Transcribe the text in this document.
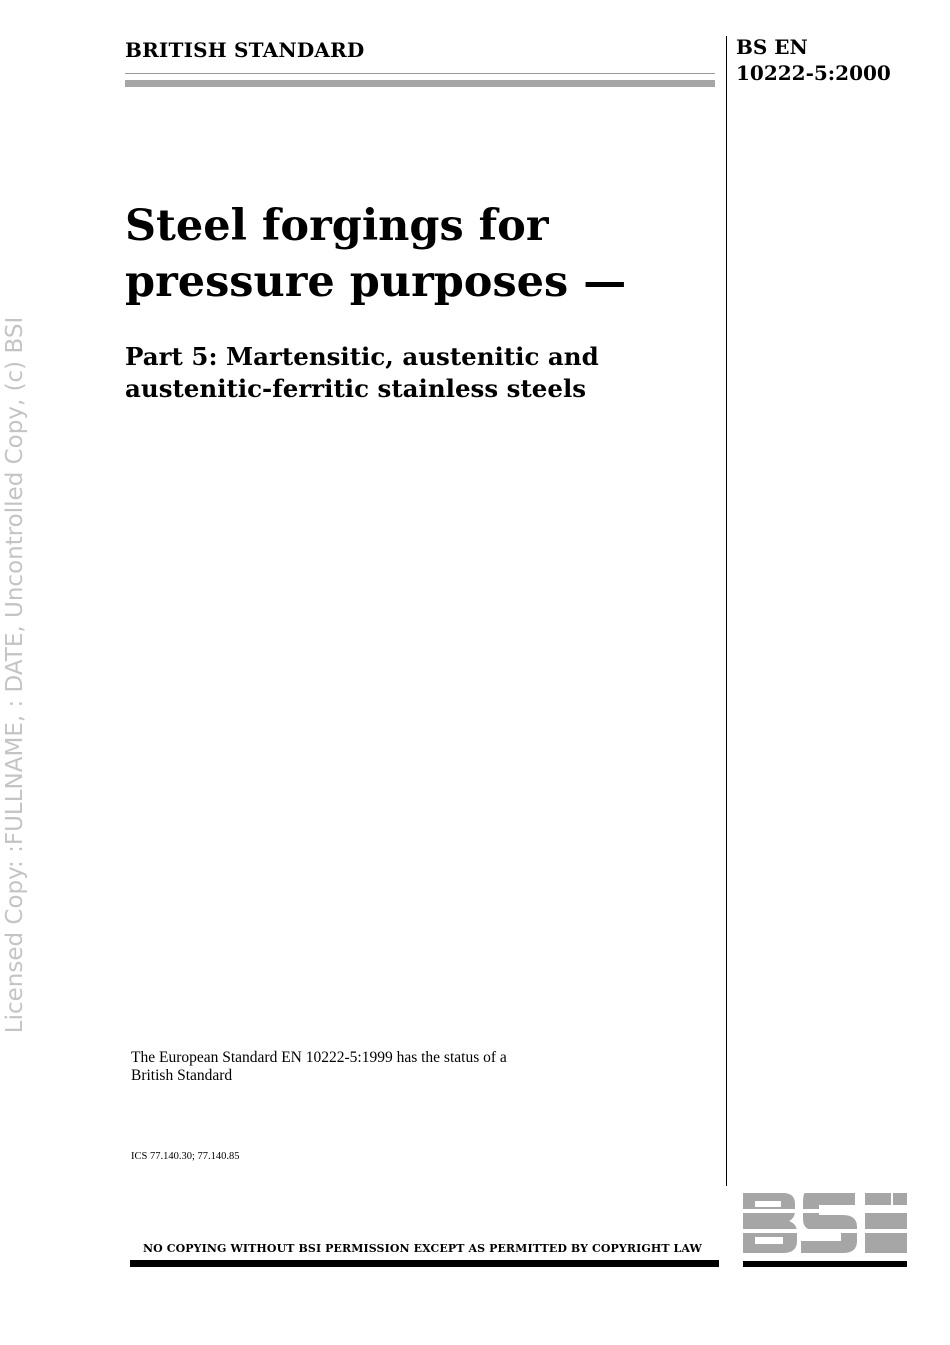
Licensed Copy: :FULLNAME, : DATE, Uncontrolled Copy, (c) BSI
BRITISH STANDARD	BS EN
10222-5:2000
Steel forgings for
pressure purposes —
Part 5: Martensitic, austenitic and
austenitic-ferritic stainless steels
The European Standard EN 10222-5:1999 has the status of a
British Standard
ICS 77.140.30; 77.140.85
NO COPYING WITHOUT BSI PERMISSION EXCEPT AS PERMITTED BY COPYRIGHT LAW
